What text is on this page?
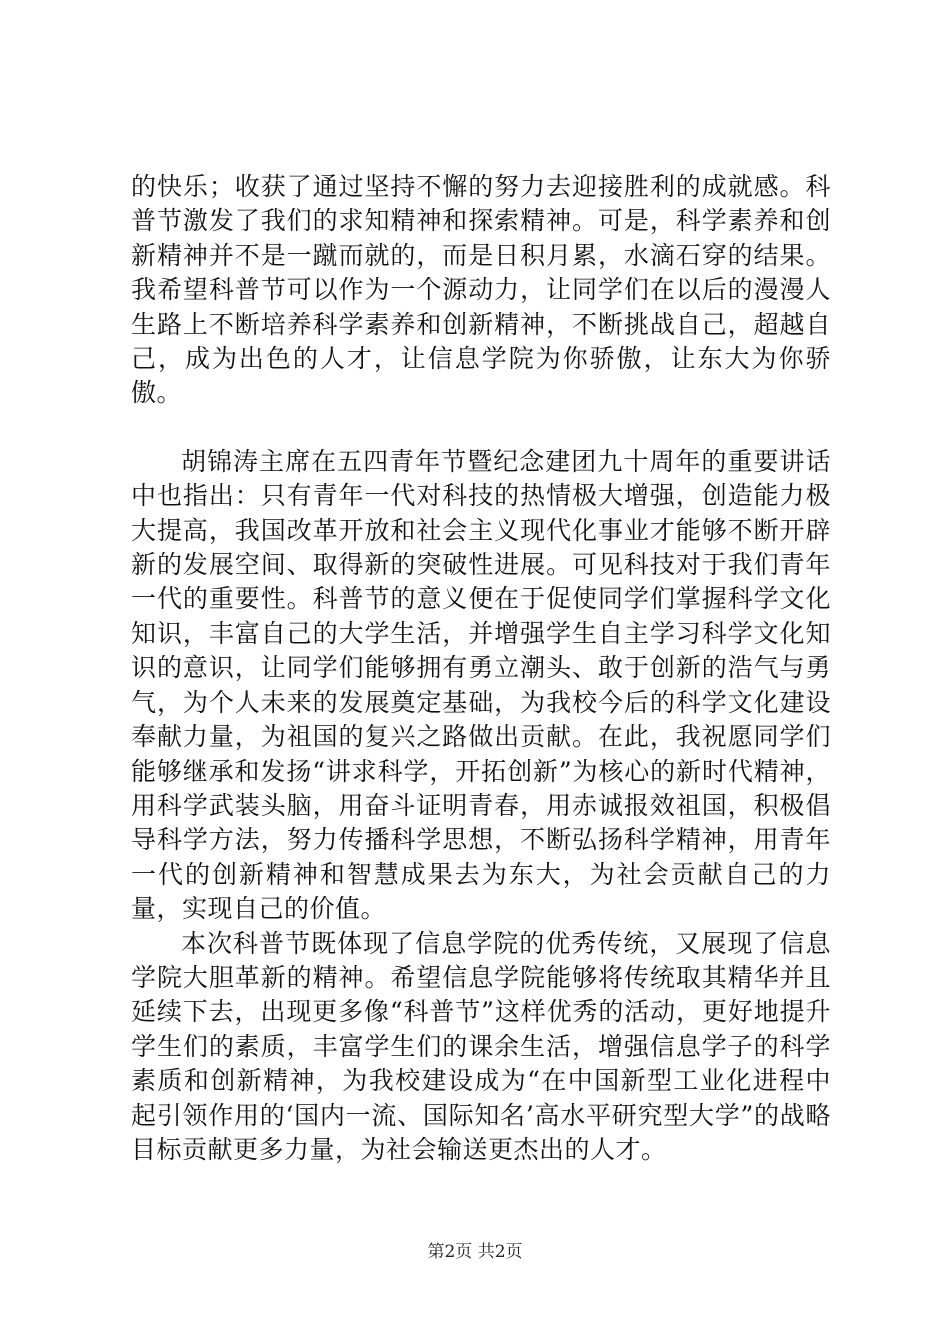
的快乐；收获了通过坚持不懈的努力去迎接胜利的成就感。科普节激发了我们的求知精神和探索精神。可是，科学素养和创新精神并不是一蹴而就的，而是日积月累，水滴石穿的结果。我希望科普节可以作为一个源动力，让同学们在以后的漫漫人生路上不断培养科学素养和创新精神，不断挑战自己，超越自己，成为出色的人才，让信息学院为你骄傲，让东大为你骄傲。

胡锦涛主席在五四青年节暨纪念建团九十周年的重要讲话中也指出：只有青年一代对科技的热情极大增强，创造能力极大提高，我国改革开放和社会主义现代化事业才能够不断开辟新的发展空间、取得新的突破性进展。可见科技对于我们青年一代的重要性。科普节的意义便在于促使同学们掌握科学文化知识，丰富自己的大学生活，并增强学生自主学习科学文化知识的意识，让同学们能够拥有勇立潮头、敢于创新的浩气与勇气，为个人未来的发展奠定基础，为我校今后的科学文化建设奉献力量，为祖国的复兴之路做出贡献。在此，我祝愿同学们能够继承和发扬“讲求科学，开拓创新”为核心的新时代精神，用科学武装头脑，用奋斗证明青春，用赤诚报效祖国，积极倡导科学方法，努力传播科学思想，不断弘扬科学精神，用青年一代的创新精神和智慧成果去为东大，为社会贡献自己的力量，实现自己的价值。

本次科普节既体现了信息学院的优秀传统，又展现了信息学院大胆革新的精神。希望信息学院能够将传统取其精华并且延续下去，出现更多像“科普节”这样优秀的活动，更好地提升学生们的素质，丰富学生们的课余生活，增强信息学子的科学素质和创新精神，为我校建设成为“在中国新型工业化进程中起引领作用的‘国内一流、国际知名’高水平研究型大学”的战略目标贡献更多力量，为社会输送更杰出的人才。

第2页 共2页
